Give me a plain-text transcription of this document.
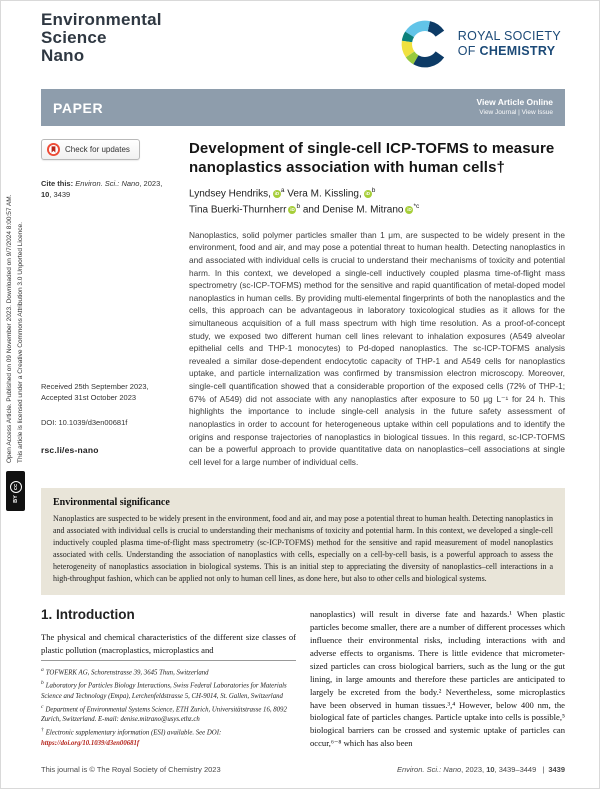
Open Access Article. Published on 09 November 2023. Downloaded on 9/7/2024 8:00:57 AM. This article is licensed under a Creative Commons Attribution 3.0 Unported Licence.
cc
BY
Environmental
Science
Nano
ROYAL SOCIETY
OF CHEMISTRY
PAPER	View Article Online
View Journal | View Issue
Check for updates
Cite this: Environ. Sci.: Nano, 2023, 10, 3439
Received 25th September 2023,
Accepted 31st October 2023
DOI: 10.1039/d3en00681f
rsc.li/es-nano
Development of single-cell ICP-TOFMS to measure nanoplastics association with human cells†
Lyndsey Hendriks, iD $^a$ Vera M. Kissling, iD $^b$
Tina Buerki-Thurnherr iD $^b$ and Denise M. Mitrano iD $^{*c}$
Nanoplastics, solid polymer particles smaller than 1 μm, are suspected to be widely present in the environment, food and air, and may pose a potential threat to human health. Detecting nanoplastics in and associated with individual cells is crucial to understand their mechanisms of toxicity and potential harm. In this context, we developed a single-cell inductively coupled plasma time-of-flight mass spectrometry (sc-ICP-TOFMS) method for the sensitive and rapid quantification of metal-doped model nanoplastics in human cells. By providing multi-elemental fingerprints of both the nanoplastics and the cells, this approach can be advantageous in laboratory toxicological studies as it allows for the simultaneous acquisition of a full mass spectrum with high time resolution. As a proof-of-concept study, we exposed two different human cell lines relevant to inhalation exposures (A549 alveolar epithelial cells and THP-1 monocytes) to Pd-doped nanoplastics. The sc-ICP-TOFMS analysis revealed a similar dose-dependent endocytotic capacity of THP-1 and A549 cells for nanoplastics uptake, and particle internalization was confirmed by transmission electron microscopy. Moreover, single-cell quantification showed that a considerable proportion of the exposed cells (72% of THP-1; 67% of A549) did not associate with any nanoplastics after exposure to 50 μg L⁻¹ for 24 h. This highlights the importance to include single-cell analysis in the future safety assessment of nanoplastics in order to account for heterogeneous uptake within cell populations and to identify the origins and response trajectories of nanoplastics in biological tissues. In this regard, sc-ICP-TOFMS can be a powerful approach to provide quantitative data on nanoplastics–cell associations at single cell level for a large number of individual cells.
Environmental significance
Nanoplastics are suspected to be widely present in the environment, food and air, and may pose a potential threat to human health. Detecting nanoplastics in and associated with individual cells is crucial to understanding their mechanisms of toxicity and potential harm. In this context, we developed a single-cell inductively coupled plasma time-of-flight mass spectrometry (sc-ICP-TOFMS) method for the sensitive and rapid measurement of model nanoplastics associated with cells. Understanding the association of nanoplastics with cells, especially on a cell-by-cell basis, is a powerful approach to assess the heterogeneity of nanoplastics association in biological systems. This is an initial step to appreciating the diversity of nanoplastics–cell interactions in a high-throughput fashion, which can be applied not only to human cell lines, as done here, but also to other cells and biological systems.
1. Introduction
The physical and chemical characteristics of the different size classes of plastic pollution (macroplastics, microplastics and
$^a$ TOFWERK AG, Schorenstrasse 39, 3645 Thun, Switzerland
$^b$ Laboratory for Particles Biology Interactions, Swiss Federal Laboratories for Materials Science and Technology (Empa), Lerchenfeldstrasse 5, CH-9014, St. Gallen, Switzerland
$^c$ Department of Environmental Systems Science, ETH Zurich, Universitätstrasse 16, 8092 Zurich, Switzerland. E-mail: denise.mitrano@usys.ethz.ch
† Electronic supplementary information (ESI) available. See DOI: https://doi.org/10.1039/d3en00681f
nanoplastics) will result in diverse fate and hazards.¹ When plastic particles become smaller, there are a number of different processes which influence their environmental risks, including interactions with and adverse effects to organisms. There is little evidence that micrometer-sized particles can cross biological barriers, such as the lung or the gut lining, in large amounts and therefore these particles are anticipated to largely be excreted from the body.² Nevertheless, some microplastics have been observed in human tissues.³,⁴ However, below 400 nm, the biological fate of particles changes. Particle uptake into cells is possible,⁵ biological barriers can be crossed and systemic uptake of particles can occur,⁶⁻⁸ which has also been
This journal is © The Royal Society of Chemistry 2023	Environ. Sci.: Nano, 2023, 10, 3439–3449 | 3439
